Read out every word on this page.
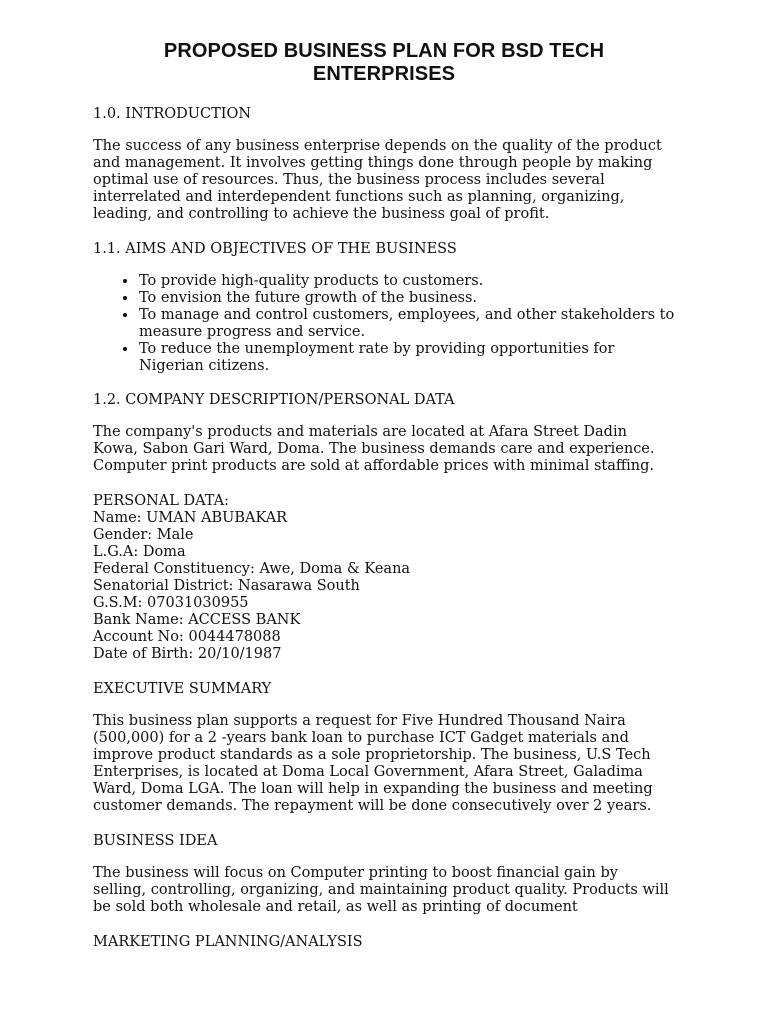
PROPOSED BUSINESS PLAN FOR BSD TECH ENTERPRISES
1.0. INTRODUCTION

The success of any business enterprise depends on the quality of the product and management. It involves getting things done through people by making optimal use of resources. Thus, the business process includes several interrelated and interdependent functions such as planning, organizing, leading, and controlling to achieve the business goal of profit.

1.1. AIMS AND OBJECTIVES OF THE BUSINESS
• To provide high-quality products to customers.
• To envision the future growth of the business.
• To manage and control customers, employees, and other stakeholders to measure progress and service.
• To reduce the unemployment rate by providing opportunities for Nigerian citizens.
1.2. COMPANY DESCRIPTION/PERSONAL DATA

The company's products and materials are located at Afara Street Dadin Kowa, Sabon Gari Ward, Doma. The business demands care and experience. Computer print products are sold at affordable prices with minimal staffing.

PERSONAL DATA:
Name: UMAN ABUBAKAR
Gender: Male
L.G.A: Doma
Federal Constituency: Awe, Doma & Keana
Senatorial District: Nasarawa South
G.S.M: 07031030955
Bank Name: ACCESS BANK
Account No: 0044478088
Date of Birth: 20/10/1987
EXECUTIVE SUMMARY

This business plan supports a request for Five Hundred Thousand Naira (500,000) for a 2 -years bank loan to purchase ICT Gadget materials and improve product standards as a sole proprietorship. The business, U.S Tech Enterprises, is located at Doma Local Government, Afara Street, Galadima Ward, Doma LGA. The loan will help in expanding the business and meeting customer demands. The repayment will be done consecutively over 2 years.

BUSINESS IDEA

The business will focus on Computer printing to boost financial gain by selling, controlling, organizing, and maintaining product quality. Products will be sold both wholesale and retail, as well as printing of document

MARKETING PLANNING/ANALYSIS
